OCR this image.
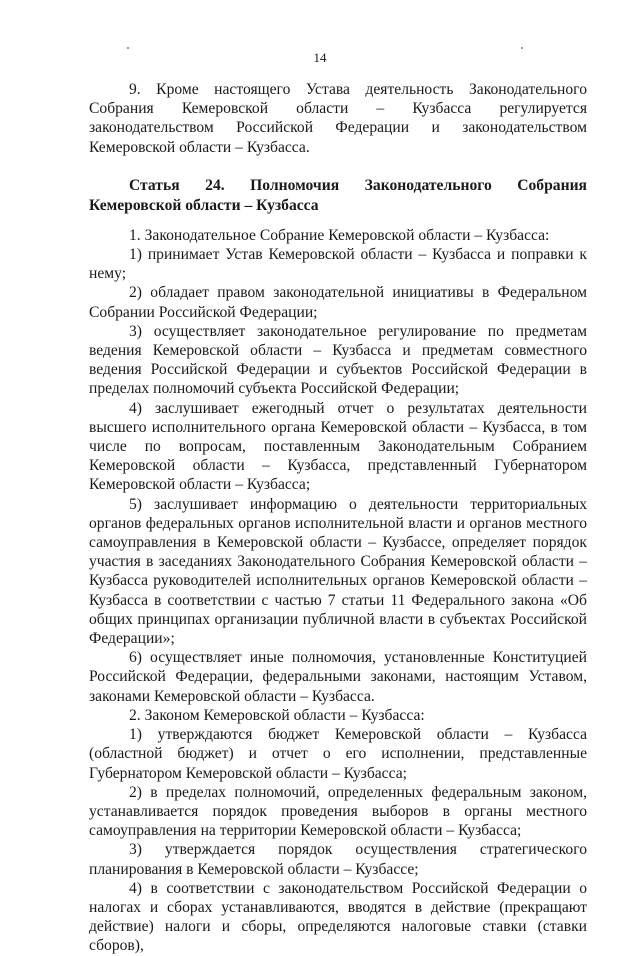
14

9. Кроме настоящего Устава деятельность Законодательного Собрания Кемеровской области – Кузбасса регулируется законодательством Российской Федерации и законодательством Кемеровской области – Кузбасса.

Статья 24. Полномочия Законодательного Собрания Кемеровской области – Кузбасса

1. Законодательное Собрание Кемеровской области – Кузбасса:

1) принимает Устав Кемеровской области – Кузбасса и поправки к нему;

2) обладает правом законодательной инициативы в Федеральном Собрании Российской Федерации;

3) осуществляет законодательное регулирование по предметам ведения Кемеровской области – Кузбасса и предметам совместного ведения Российской Федерации и субъектов Российской Федерации в пределах полномочий субъекта Российской Федерации;

4) заслушивает ежегодный отчет о результатах деятельности высшего исполнительного органа Кемеровской области – Кузбасса, в том числе по вопросам, поставленным Законодательным Собранием Кемеровской области – Кузбасса, представленный Губернатором Кемеровской области – Кузбасса;

5) заслушивает информацию о деятельности территориальных органов федеральных органов исполнительной власти и органов местного самоуправления в Кемеровской области – Кузбассе, определяет порядок участия в заседаниях Законодательного Собрания Кемеровской области – Кузбасса руководителей исполнительных органов Кемеровской области – Кузбасса в соответствии с частью 7 статьи 11 Федерального закона «Об общих принципах организации публичной власти в субъектах Российской Федерации»;

6) осуществляет иные полномочия, установленные Конституцией Российской Федерации, федеральными законами, настоящим Уставом, законами Кемеровской области – Кузбасса.

2. Законом Кемеровской области – Кузбасса:

1) утверждаются бюджет Кемеровской области – Кузбасса (областной бюджет) и отчет о его исполнении, представленные Губернатором Кемеровской области – Кузбасса;

2) в пределах полномочий, определенных федеральным законом, устанавливается порядок проведения выборов в органы местного самоуправления на территории Кемеровской области – Кузбасса;

3) утверждается порядок осуществления стратегического планирования в Кемеровской области – Кузбассе;

4) в соответствии с законодательством Российской Федерации о налогах и сборах устанавливаются, вводятся в действие (прекращают действие) налоги и сборы, определяются налоговые ставки (ставки сборов),
